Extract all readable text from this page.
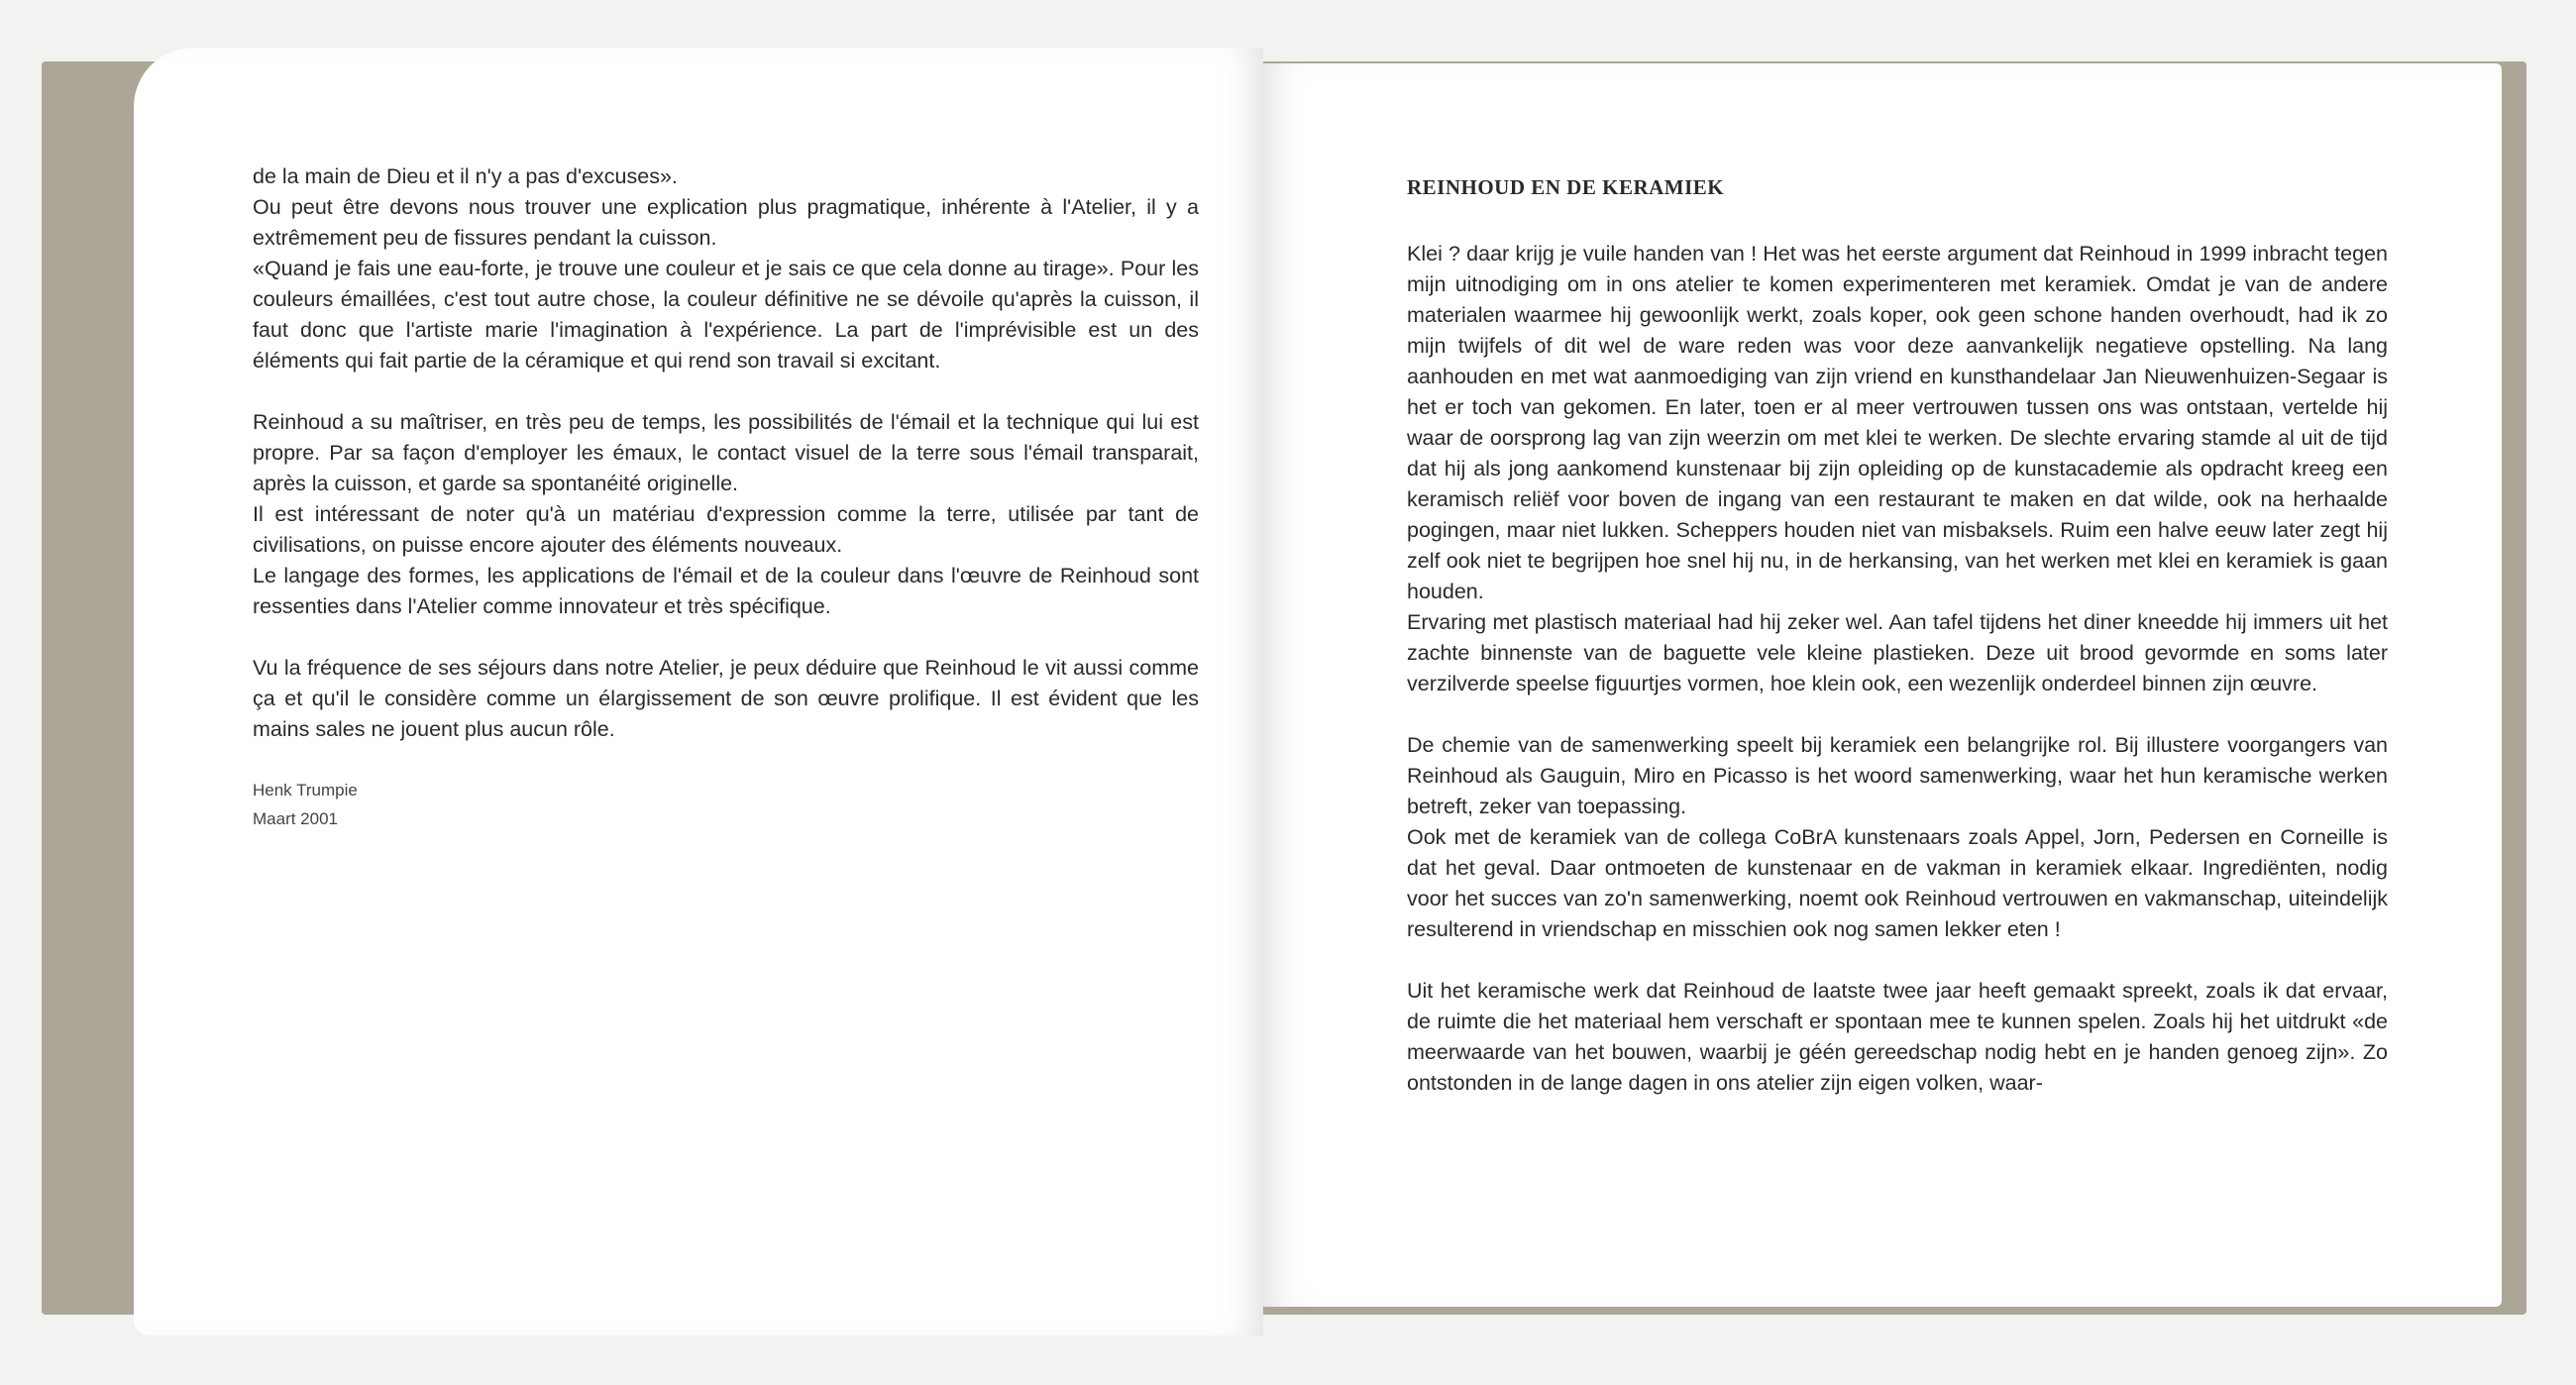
de la main de Dieu et il n'y a pas d'excuses».

Ou peut être devons nous trouver une explication plus pragmatique, inhérente à l'Atelier, il y a extrêmement peu de fissures pendant la cuisson.

«Quand je fais une eau-forte, je trouve une couleur et je sais ce que cela donne au tirage». Pour les couleurs émaillées, c'est tout autre chose, la couleur définitive ne se dévoile qu'après la cuisson, il faut donc que l'artiste marie l'imagination à l'expérience. La part de l'imprévisible est un des éléments qui fait partie de la céramique et qui rend son travail si excitant.

Reinhoud a su maîtriser, en très peu de temps, les possibilités de l'émail et la technique qui lui est propre. Par sa façon d'employer les émaux, le contact visuel de la terre sous l'émail transparait, après la cuisson, et garde sa spontanéité originelle.

Il est intéressant de noter qu'à un matériau d'expression comme la terre, utilisée par tant de civilisations, on puisse encore ajouter des éléments nouveaux.

Le langage des formes, les applications de l'émail et de la couleur dans l'œuvre de Reinhoud sont ressenties dans l'Atelier comme innovateur et très spécifique.

Vu la fréquence de ses séjours dans notre Atelier, je peux déduire que Reinhoud le vit aussi comme ça et qu'il le considère comme un élargissement de son œuvre prolifique. Il est évident que les mains sales ne jouent plus aucun rôle.

Henk Trumpie
Maart 2001
REINHOUD EN DE KERAMIEK

Klei ? daar krijg je vuile handen van ! Het was het eerste argument dat Reinhoud in 1999 inbracht tegen mijn uitnodiging om in ons atelier te komen experimenteren met keramiek. Omdat je van de andere materialen waarmee hij gewoonlijk werkt, zoals koper, ook geen schone handen overhoudt, had ik zo mijn twijfels of dit wel de ware reden was voor deze aanvankelijk negatieve opstelling. Na lang aanhouden en met wat aanmoediging van zijn vriend en kunsthandelaar Jan Nieuwenhuizen-Segaar is het er toch van gekomen. En later, toen er al meer vertrouwen tussen ons was ontstaan, vertelde hij waar de oorsprong lag van zijn weerzin om met klei te werken. De slechte ervaring stamde al uit de tijd dat hij als jong aankomend kunstenaar bij zijn opleiding op de kunstacademie als opdracht kreeg een keramisch reliëf voor boven de ingang van een restaurant te maken en dat wilde, ook na herhaalde pogingen, maar niet lukken. Scheppers houden niet van misbaksels. Ruim een halve eeuw later zegt hij zelf ook niet te begrijpen hoe snel hij nu, in de herkansing, van het werken met klei en keramiek is gaan houden.

Ervaring met plastisch materiaal had hij zeker wel. Aan tafel tijdens het diner kneedde hij immers uit het zachte binnenste van de baguette vele kleine plastieken. Deze uit brood gevormde en soms later verzilverde speelse figuurtjes vormen, hoe klein ook, een wezenlijk onderdeel binnen zijn œuvre.

De chemie van de samenwerking speelt bij keramiek een belangrijke rol. Bij illustere voorgangers van Reinhoud als Gauguin, Miro en Picasso is het woord samenwerking, waar het hun keramische werken betreft, zeker van toepassing.

Ook met de keramiek van de collega CoBrA kunstenaars zoals Appel, Jorn, Pedersen en Corneille is dat het geval. Daar ontmoeten de kunstenaar en de vakman in keramiek elkaar. Ingrediënten, nodig voor het succes van zo'n samenwerking, noemt ook Reinhoud vertrouwen en vakmanschap, uiteindelijk resulterend in vriendschap en misschien ook nog samen lekker eten !

Uit het keramische werk dat Reinhoud de laatste twee jaar heeft gemaakt spreekt, zoals ik dat ervaar, de ruimte die het materiaal hem verschaft er spontaan mee te kunnen spelen. Zoals hij het uitdrukt «de meerwaarde van het bouwen, waarbij je géén gereedschap nodig hebt en je handen genoeg zijn». Zo ontstonden in de lange dagen in ons atelier zijn eigen volken, waar-
